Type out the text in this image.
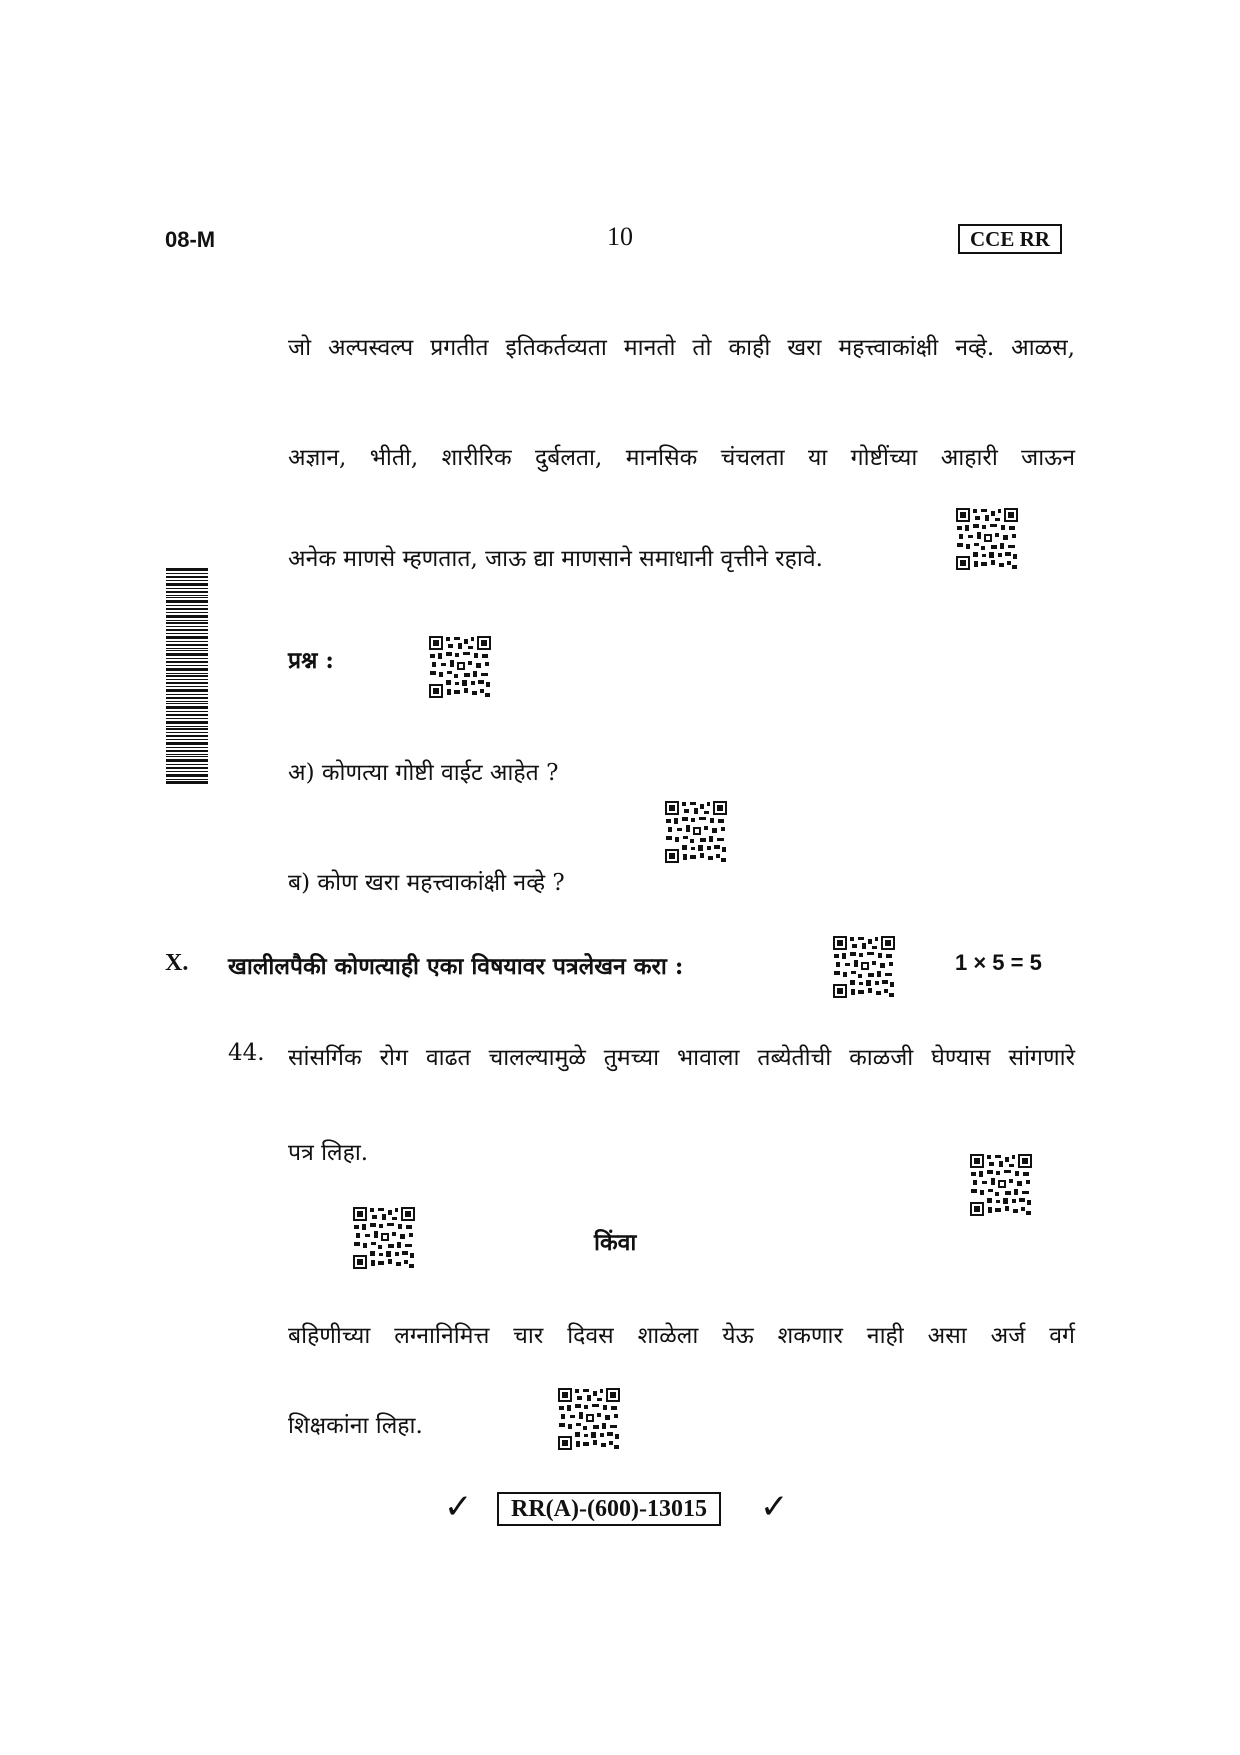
08-M	10	CCE RR
जो अल्पस्वल्प प्रगतीत इतिकर्तव्यता मानतो तो काही खरा महत्त्वाकांक्षी नव्हे. आळस,
अज्ञान, भीती, शारीरिक दुर्बलता, मानसिक चंचलता या गोष्टींच्या आहारी जाऊन
अनेक माणसे म्हणतात, जाऊ द्या माणसाने समाधानी वृत्तीने रहावे.
प्रश्न :
अ) कोणत्या गोष्टी वाईट आहेत ?
ब) कोण खरा महत्त्वाकांक्षी नव्हे ?
X. खालीलपैकी कोणत्याही एका विषयावर पत्रलेखन करा :	1 × 5 = 5
44. सांसर्गिक रोग वाढत चालल्यामुळे तुमच्या भावाला तब्येतीची काळजी घेण्यास सांगणारे
पत्र लिहा.
किंवा
बहिणीच्या लग्नानिमित्त चार दिवस शाळेला येऊ शकणार नाही असा अर्ज वर्ग
शिक्षकांना लिहा.
✓	RR(A)-(600)-13015	✓
